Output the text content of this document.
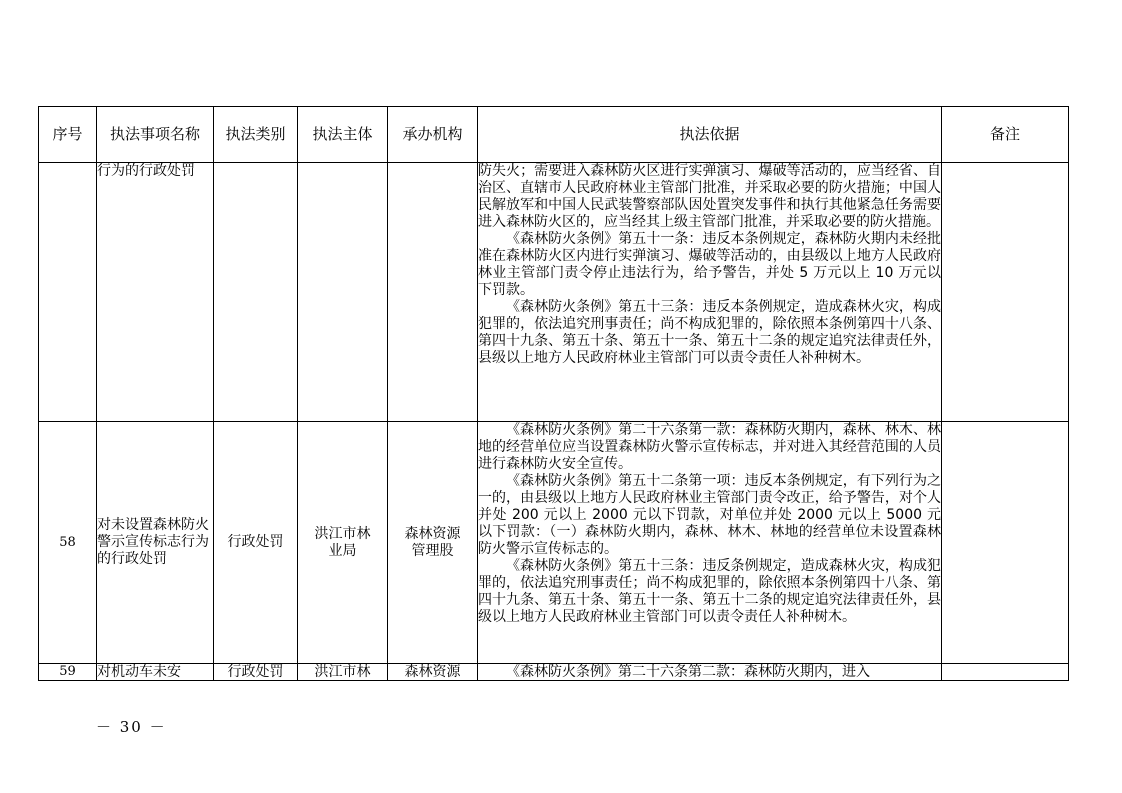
序号	执法事项名称	执法类别	执法主体	承办机构	执法依据	备注
	行为的行政处罚				防失火；需要进入森林防火区进行实弹演习、爆破等活动的，应当经省、自治区、直辖市人民政府林业主管部门批准，并采取必要的防火措施；中国人民解放军和中国人民武装警察部队因处置突发事件和执行其他紧急任务需要进入森林防火区的，应当经其上级主管部门批准，并采取必要的防火措施。

《森林防火条例》第五十一条：违反本条例规定，森林防火期内未经批准在森林防火区内进行实弹演习、爆破等活动的，由县级以上地方人民政府林业主管部门责令停止违法行为，给予警告，并处 5 万元以上 10 万元以下罚款。

《森林防火条例》第五十三条：违反本条例规定，造成森林火灾，构成犯罪的，依法追究刑事责任；尚不构成犯罪的，除依照本条例第四十八条、第四十九条、第五十条、第五十一条、第五十二条的规定追究法律责任外，县级以上地方人民政府林业主管部门可以责令责任人补种树木。	

58	对未设置森林防火警示宣传标志行为的行政处罚	行政处罚	洪江市林业局	森林资源管理股	《森林防火条例》第二十六条第一款：森林防火期内，森林、林木、林地的经营单位应当设置森林防火警示宣传标志，并对进入其经营范围的人员进行森林防火安全宣传。

《森林防火条例》第五十二条第一项：违反本条例规定，有下列行为之一的，由县级以上地方人民政府林业主管部门责令改正，给予警告，对个人并处 200 元以上 2000 元以下罚款，对单位并处 2000 元以上 5000 元以下罚款：（一）森林防火期内，森林、林木、林地的经营单位未设置森林防火警示宣传标志的。

《森林防火条例》第五十三条：违反条例规定，造成森林火灾，构成犯罪的，依法追究刑事责任；尚不构成犯罪的，除依照本条例第四十八条、第四十九条、第五十条、第五十一条、第五十二条的规定追究法律责任外，县级以上地方人民政府林业主管部门可以责令责任人补种树木。	

59	对机动车未安	行政处罚	洪江市林	森林资源	《森林防火条例》第二十六条第二款：森林防火期内，进入	

－ 30 －
